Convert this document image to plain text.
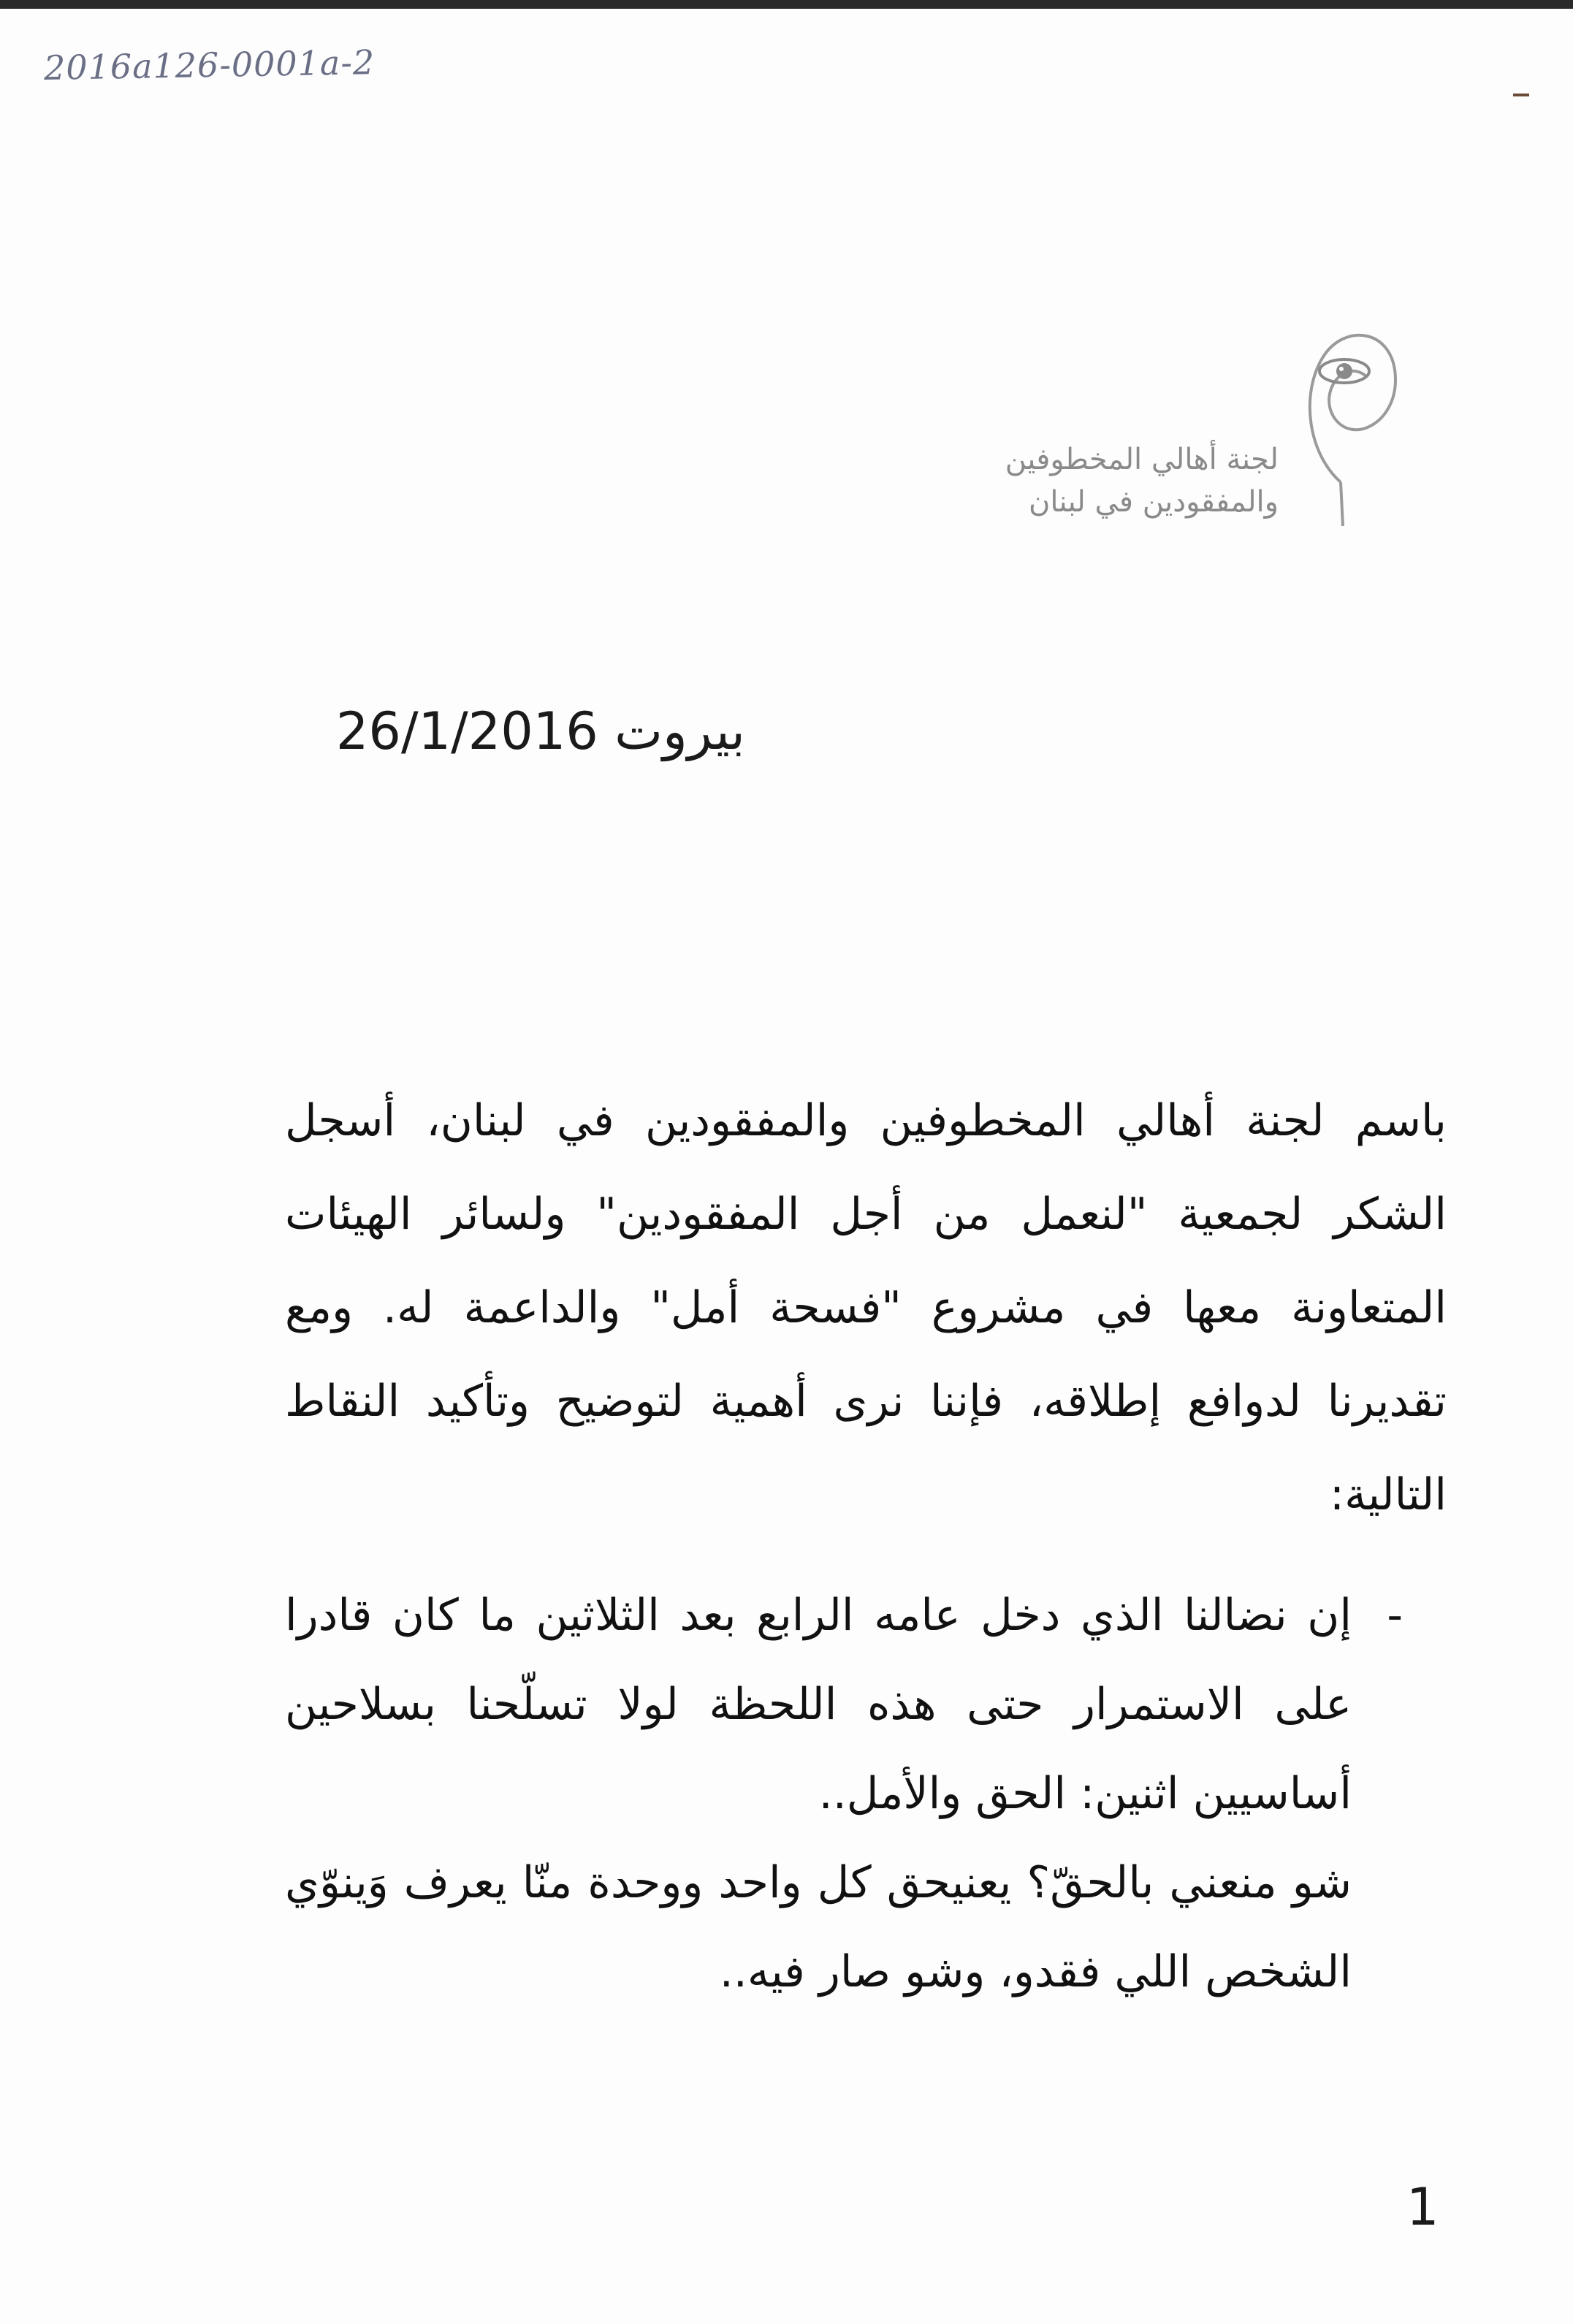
2016a126-0001a-2
لجنة أهالي المخطوفين
والمفقودين في لبنان
بيروت 26/1/2016
باسم لجنة أهالي المخطوفين والمفقودين في لبنان، أسجل الشكر لجمعية "لنعمل من أجل المفقودين" ولسائر الهيئات المتعاونة معها في مشروع "فسحة أمل" والداعمة له. ومع تقديرنا لدوافع إطلاقه، فإننا نرى أهمية لتوضيح وتأكيد النقاط التالية:
-
إن نضالنا الذي دخل عامه الرابع بعد الثلاثين ما كان قادرا على الاستمرار حتى هذه اللحظة لولا تسلّحنا بسلاحين أساسيين اثنين: الحق والأمل..
شو منعني بالحقّ؟ يعنيحق كل واحد ووحدة منّا يعرف وَينوّي الشخص اللي فقدو، وشو صار فيه..
1
